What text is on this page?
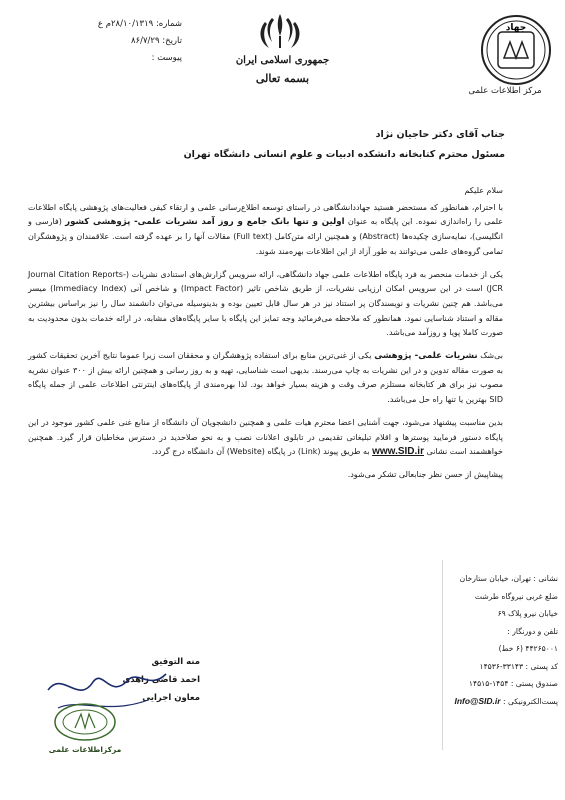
شماره: ۲۸/۱۰/۱۳۱۹م ع
تاریخ: ۸۶/۷/۲۹
پیوست :	جمهوری اسلامی ایران
بسمه تعالی
جهاد
مرکز اطلاعات علمی
جناب آقای دکتر حاجیان نژاد
مسئول محترم کتابخانه دانشکده ادبیات و علوم انسانی دانشگاه تهران

سلام علیکم

با احترام، همانطور که مستحضر هستید جهاددانشگاهی در راستای توسعه اطلاع‌رسانی علمی و ارتقاء کیفی فعالیت‌های پژوهشی پایگاه اطلاعات علمی را راه‌اندازی نموده. این پایگاه به عنوان اولین و تنها بانک جامع و روز آمد نشریات علمی- پژوهشی کشور (فارسی و انگلیسی)، نمایه‌سازی چکیده‌ها (Abstract) و همچنین ارائه متن‌کامل (Full text) مقالات آنها را بر عهده گرفته است. علاقمندان و پژوهشگران تمامی گروه‌های علمی می‌توانند به طور آزاد از این اطلاعات بهره‌مند شوند.

یکی از خدمات منحصر به فرد پایگاه اطلاعات علمی جهاد دانشگاهی، ارائه سرویس گزارش‌های استنادی نشریات (Journal Citation Reports- JCR) است در این سرویس امکان ارزیابی نشریات، از طریق شاخص تاثیر (Impact Factor) و شاخص آنی (Immediacy Index) میسر می‌باشد. هم چنین نشریات و نویسندگان پر استناد نیز در هر سال قابل تعیین بوده و بدینوسیله می‌توان دانشمند سال را نیز براساس بیشترین مقاله و استناد شناسایی نمود. همانطور که ملاحظه می‌فرمائید وجه تمایز این پایگاه با سایر پایگاه‌های مشابه، در ارائه خدمات بدون محدودیت به صورت کاملا پویا و روزآمد می‌باشد.

بی‌شک نشریات علمی- پژوهشی یکی از غنی‌ترین منابع برای استفاده پژوهشگران و محققان است زیرا عموما نتایج آخرین تحقیقات کشور به صورت مقاله تدوین و در این نشریات به چاپ می‌رسند. بدیهی است شناسایی، تهیه و به روز رسانی و همچنین ارائه بیش از ۳۰۰ عنوان نشریه مصوب نیز برای هر کتابخانه مستلزم صرف وقت و هزینه بسیار خواهد بود. لذا بهره‌مندی از پایگاه‌های اینترنتی اطلاعات علمی از جمله پایگاه SID بهترین یا تنها راه حل می‌باشد.

بدین مناسبت پیشنهاد می‌شود، جهت آشنایی اعضا محترم هیات علمی و همچنین دانشجویان آن دانشگاه از منابع غنی علمی کشور موجود در این پایگاه دستور فرمایید پوسترها و اقلام تبلیغاتی تقدیمی در تابلوی اعلانات نصب و به نحو صلاحدید در دسترس مخاطبان قرار گیرد. همچنین خواهشمند است نشانی www.SID.ir به طریق پیوند (Link) در پایگاه (Website) آن دانشگاه درج گردد.

پیشاپیش از حسن نظر جنابعالی تشکر می‌شود.

نشانی : تهران، خیابان ستارخان
ضلع غربی نیروگاه طرشت
خیابان نیرو پلاک ۶۹
تلفن و دورنگار :
۴۴۲۶۵۰۰۱ (۶ خط)
کد پستی : ۳۳۱۴۳-۱۴۵۳۶
صندوق پستی : ۱۴۵۴-۱۴۵۱۵
پست‌الکترونیکی : Info@SID.ir
منه التوفیق
احمد قاضی زاهدی
معاون اجرایی
مرکزاطلاعات علمی
